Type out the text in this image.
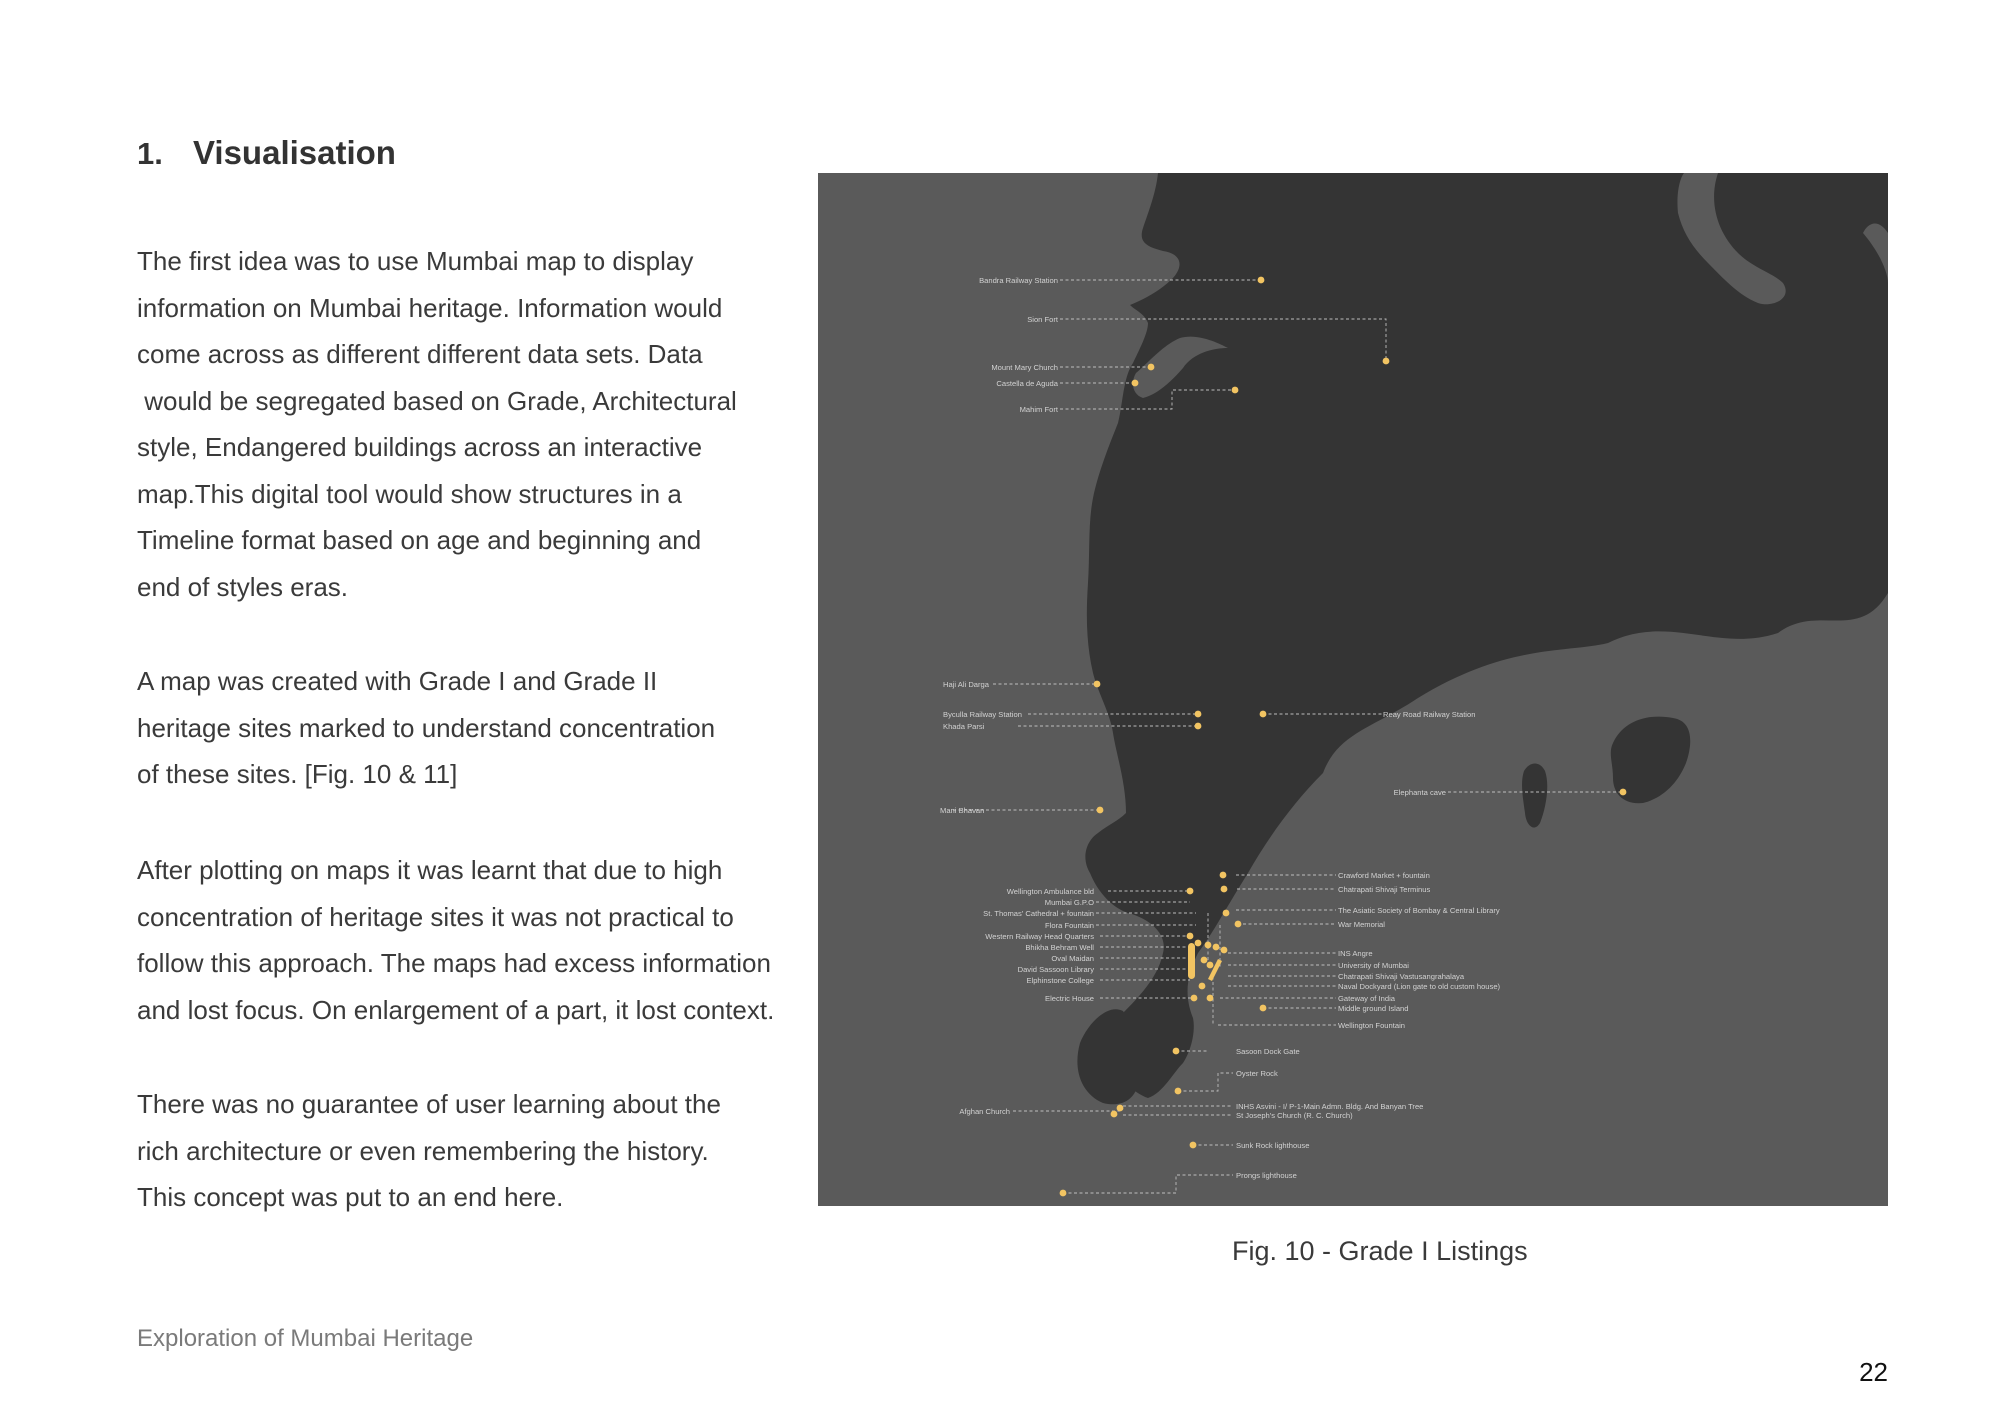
1. Visualisation

The first idea was to use Mumbai map to display

information on Mumbai heritage. Information would

come across as different different data sets. Data

would be segregated based on Grade, Architectural

style, Endangered buildings across an interactive

map.This digital tool would show structures in a

Timeline format based on age and beginning and

end of styles eras.

A map was created with Grade I and Grade II

heritage sites marked to understand concentration

of these sites. [Fig. 10 & 11]

After plotting on maps it was learnt that due to high

concentration of heritage sites it was not practical to

follow this approach. The maps had excess information

and lost focus. On enlargement of a part, it lost context.

There was no guarantee of user learning about the

rich architecture or even remembering the history.

This concept was put to an end here.

Bandra Railway Station
Sion Fort
Mount Mary Church
Castella de Aguda
Mahim Fort
Haji Ali Darga
Byculla Railway Station
Khada Parsi
Reay Road Railway Station
Elephanta cave
Mani Bhavan
Crawford Market + fountain
Chatrapati Shivaji Terminus
Wellington Ambulance bld
Mumbai G.P.O
St. Thomas' Cathedral + fountain	The Asiatic Society of Bombay & Central Library
Flora Fountain	War Memorial
Western Railway Head Quarters
Bhikha Behram Well
Oval Maidan
INS Angre
David Sassoon Library	University of Mumbai
Elphinstone College	Chatrapati Shivaji Vastusangrahalaya
Naval Dockyard (Lion gate to old custom house)
Electric House	Gateway of India
Middle ground Island
Wellington Fountain
Sasoon Dock Gate
Oyster Rock
Afghan Church
INHS Asvini - I/ P-1-Main Admn. Bldg. And Banyan Tree
St Joseph's Church (R. C. Church)
Sunk Rock lighthouse
Prongs lighthouse
Fig. 10 - Grade I Listings
Exploration of Mumbai Heritage
22
